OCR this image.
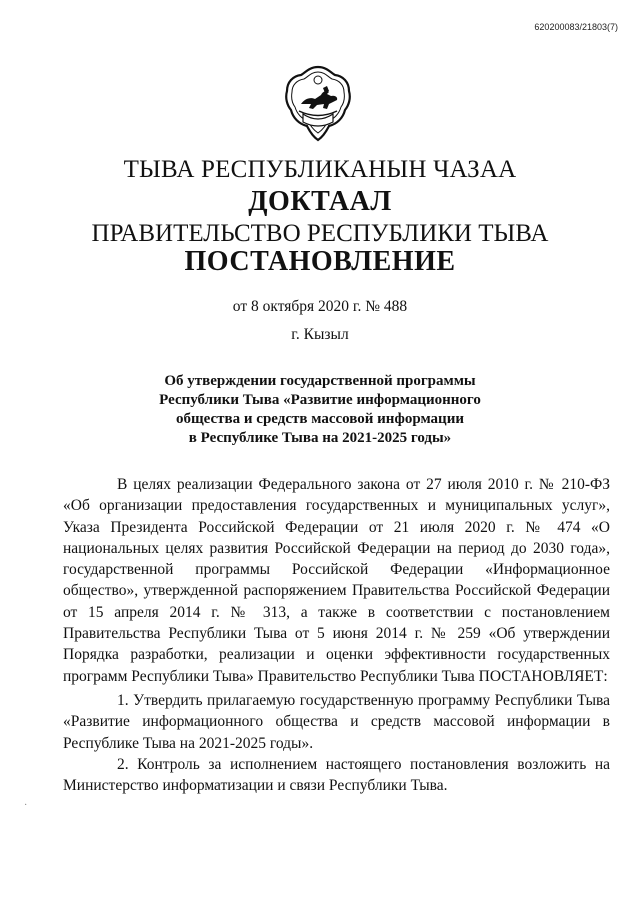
620200083/21803(7)
ТЫВА РЕСПУБЛИКАНЫН ЧАЗАА
ДОКТААЛ
ПРАВИТЕЛЬСТВО РЕСПУБЛИКИ ТЫВА
ПОСТАНОВЛЕНИЕ
от 8 октября 2020 г. № 488
г. Кызыл
Об утверждении государственной программы
Республики Тыва «Развитие информационного
общества и средств массовой информации
в Республике Тыва на 2021-2025 годы»

В целях реализации Федерального закона от 27 июля 2010 г. № 210-ФЗ «Об организации предоставления государственных и муниципальных услуг», Указа Президента Российской Федерации от 21 июля 2020 г. № 474 «О национальных целях развития Российской Федерации на период до 2030 года», государственной программы Российской Федерации «Информационное общество», утвержденной распоряжением Правительства Российской Федерации от 15 апреля 2014 г. № 313, а также в соответствии с постановлением Правительства Республики Тыва от 5 июня 2014 г. № 259 «Об утверждении Порядка разработки, реализации и оценки эффективности государственных программ Республики Тыва» Правительство Республики Тыва ПОСТАНОВЛЯЕТ:

1. Утвердить прилагаемую государственную программу Республики Тыва «Развитие информационного общества и средств массовой информации в Республике Тыва на 2021-2025 годы».

2. Контроль за исполнением настоящего постановления возложить на Министерство информатизации и связи Республики Тыва.

·
